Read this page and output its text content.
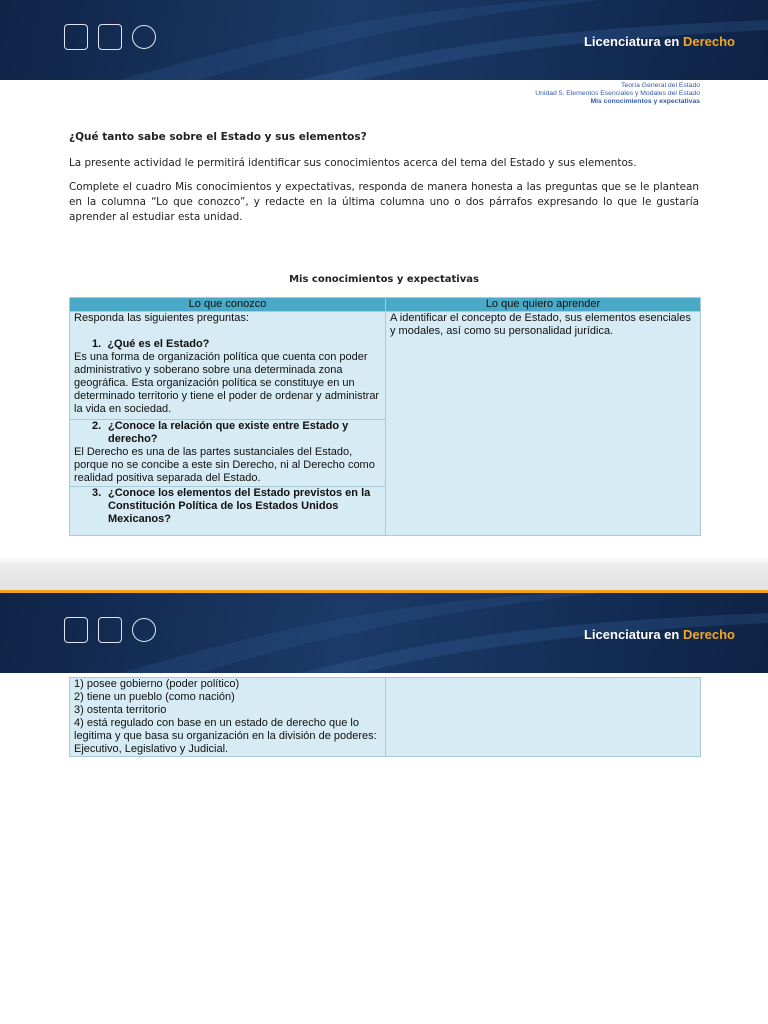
Licenciatura en Derecho
Teoría General del Estado
Unidad 5. Elementos Esenciales y Modales del Estado
Mis conocimientos y expectativas
¿Qué tanto sabe sobre el Estado y sus elementos?
La presente actividad le permitirá identificar sus conocimientos acerca del tema del Estado y sus elementos.
Complete el cuadro Mis conocimientos y expectativas, responda de manera honesta a las preguntas que se le plantean en la columna “Lo que conozco”, y redacte en la última columna uno o dos párrafos expresando lo que le gustaría aprender al estudiar esta unidad.
Mis conocimientos y expectativas
Lo que conozco	Lo que quiero aprender

Responda las siguientes preguntas:
1. ¿Qué es el Estado?
Es una forma de organización política que cuenta con poder administrativo y soberano sobre una determinada zona geográfica. Esta organización política se constituye en un determinado territorio y tiene el poder de ordenar y administrar la vida en sociedad.	A identificar el concepto de Estado, sus elementos esenciales y modales, así como su personalidad jurídica.

2. ¿Conoce la relación que existe entre Estado y derecho?
El Derecho es una de las partes sustanciales del Estado, porque no se concibe a este sin Derecho, ni al Derecho como realidad positiva separada del Estado.	

3. ¿Conoce los elementos del Estado previstos en la Constitución Política de los Estados Unidos Mexicanos?	
Licenciatura en Derecho
1) posee gobierno (poder político)
2) tiene un pueblo (como nación)
3) ostenta territorio
4) está regulado con base en un estado de derecho que lo legitima y que basa su organización en la división de poderes: Ejecutivo, Legislativo y Judicial.
